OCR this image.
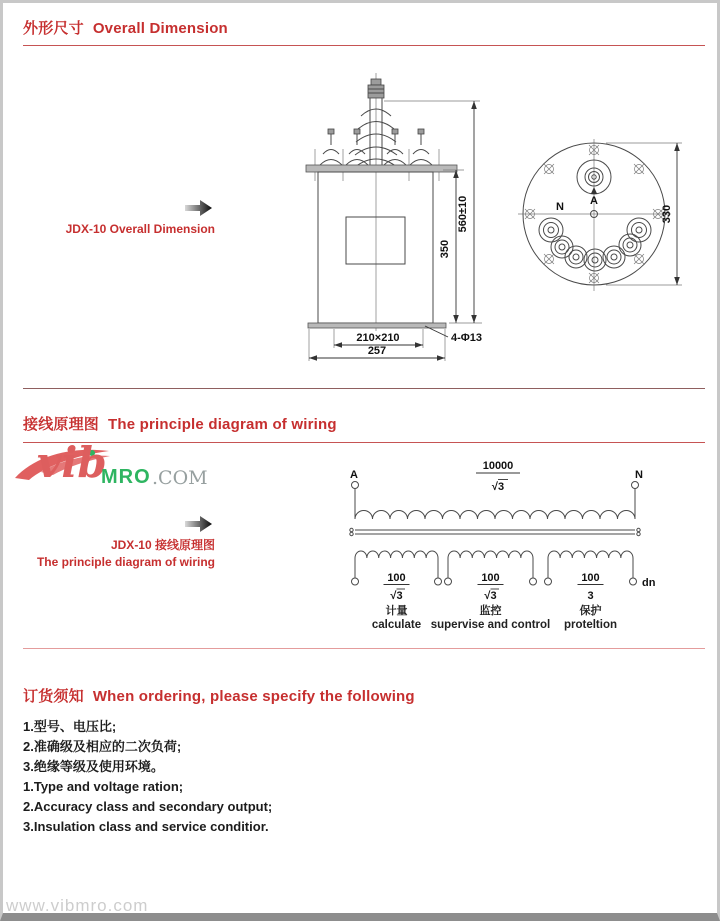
外形尺寸 Overall Dimension
JDX-10 Overall Dimension
210×210
257
4-Φ13
350
560±10	A
N	330
接线原理图 The principle diagram of wiring
vib
MRO .COM
JDX-10 接线原理图
The principle diagram of wiring
A	N
10000
√3
100
√3
计量
calculate
100
√3
监控
supervise and control
100
3
保护
proteltion
dn
订货须知 When ordering, please specify the following
1.型号、电压比;
2.准确级及相应的二次负荷;
3.绝缘等级及使用环境。
1.Type and voltage ration;
2.Accuracy class and secondary output;
3.Insulation class and service conditior.
www.vibmro.com
